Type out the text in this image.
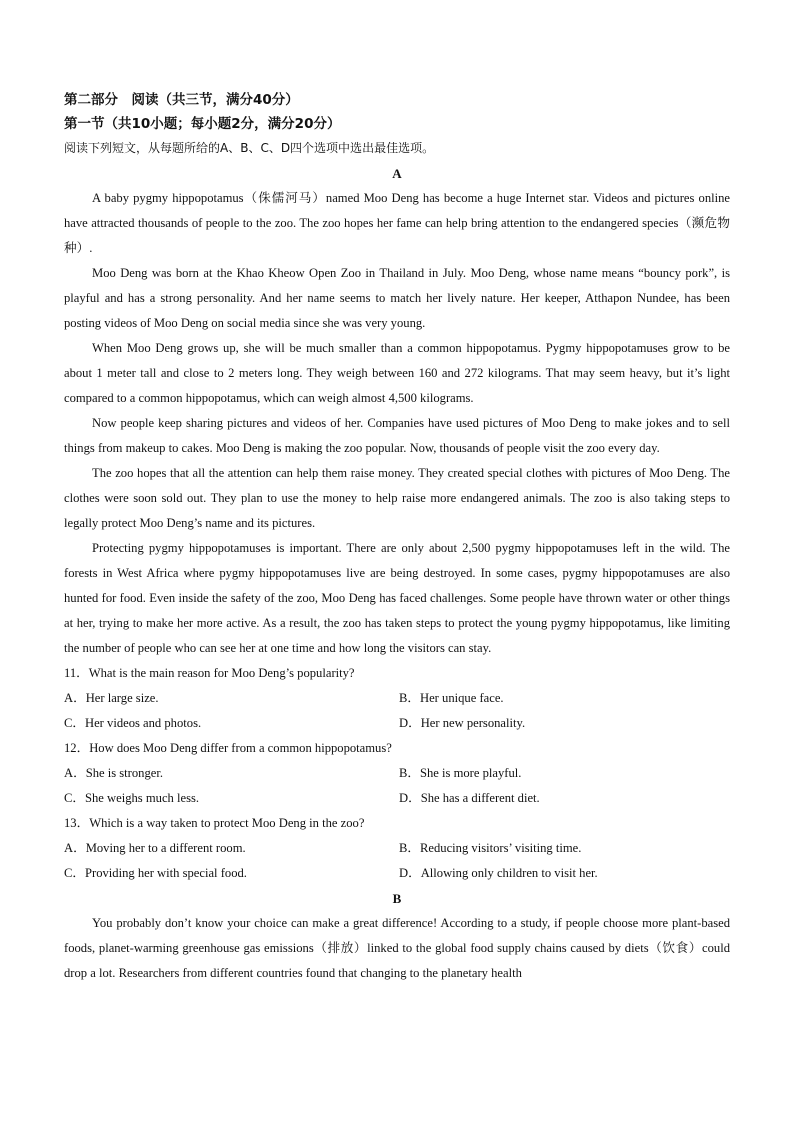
第二部分　阅读（共三节，满分40分）
第一节（共10小题；每小题2分，满分20分）
阅读下列短文，从每题所给的A、B、C、D四个选项中选出最佳选项。
A

A baby pygmy hippopotamus（侏儒河马）named Moo Deng has become a huge Internet star. Videos and pictures online have attracted thousands of people to the zoo. The zoo hopes her fame can help bring attention to the endangered species（濒危物种）.

Moo Deng was born at the Khao Kheow Open Zoo in Thailand in July. Moo Deng, whose name means “bouncy pork”, is playful and has a strong personality. And her name seems to match her lively nature. Her keeper, Atthapon Nundee, has been posting videos of Moo Deng on social media since she was very young.

When Moo Deng grows up, she will be much smaller than a common hippopotamus. Pygmy hippopotamuses grow to be about 1 meter tall and close to 2 meters long. They weigh between 160 and 272 kilograms. That may seem heavy, but it’s light compared to a common hippopotamus, which can weigh almost 4,500 kilograms.

Now people keep sharing pictures and videos of her. Companies have used pictures of Moo Deng to make jokes and to sell things from makeup to cakes. Moo Deng is making the zoo popular. Now, thousands of people visit the zoo every day.

The zoo hopes that all the attention can help them raise money. They created special clothes with pictures of Moo Deng. The clothes were soon sold out. They plan to use the money to help raise more endangered animals. The zoo is also taking steps to legally protect Moo Deng’s name and its pictures.

Protecting pygmy hippopotamuses is important. There are only about 2,500 pygmy hippopotamuses left in the wild. The forests in West Africa where pygmy hippopotamuses live are being destroyed. In some cases, pygmy hippopotamuses are also hunted for food. Even inside the safety of the zoo, Moo Deng has faced challenges. Some people have thrown water or other things at her, trying to make her more active. As a result, the zoo has taken steps to protect the young pygmy hippopotamus, like limiting the number of people who can see her at one time and how long the visitors can stay.

11．What is the main reason for Moo Deng’s popularity?
A．Her large size.	B．Her unique face.
C．Her videos and photos.	D．Her new personality.
12．How does Moo Deng differ from a common hippopotamus?
A．She is stronger.	B．She is more playful.
C．She weighs much less.	D．She has a different diet.
13．Which is a way taken to protect Moo Deng in the zoo?
A．Moving her to a different room.	B．Reducing visitors’ visiting time.
C．Providing her with special food.	D．Allowing only children to visit her.
B

You probably don’t know your choice can make a great difference! According to a study, if people choose more plant-based foods, planet-warming greenhouse gas emissions（排放）linked to the global food supply chains caused by diets（饮食）could drop a lot. Researchers from different countries found that changing to the planetary health
